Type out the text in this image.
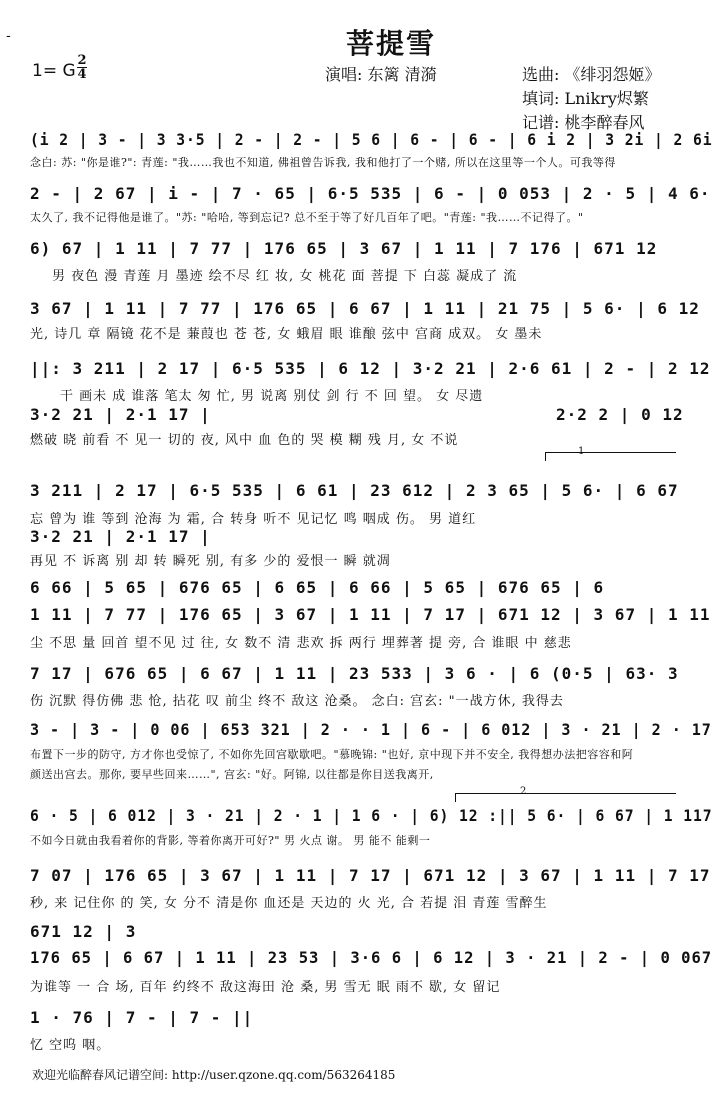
-	菩提雪
1= G
2
4	演唱: 东篱 清漪	选曲: 《绯羽怨姬》
填词: Lnikry烬繁
记谱: 桃李醉春风
(i 2 | 3 - | 3 3·5 | 2 - | 2 - | 5 6 | 6 - | 6 - | 6 i 2 | 3 2i | 2 6i
念白: 苏: "你是谁?": 青莲: "我……我也不知道, 佛祖曾告诉我, 我和他打了一个赌, 所以在这里等一个人。可我等得
2 - | 2 67 | i - | 7 · 65 | 6·5 535 | 6 - | 0 053 | 2 · 5 | 4 6·
太久了, 我不记得他是谁了。"苏: "哈哈, 等到忘记? 总不至于等了好几百年了吧。"青莲: "我……不记得了。"
6) 67 | 1 11 | 7 77 | 176 65 | 3 67 | 1 11 | 7 176 | 671 12
男 夜色 漫 青莲 月 墨迹 绘不尽 红 妆, 女 桃花 面 菩提 下 白蕊 凝成了 流
3 67 | 1 11 | 7 77 | 176 65 | 6 67 | 1 11 | 21 75 | 5 6· | 6 12
光, 诗几 章 隔镜 花不是 蒹葭也 苍 苍, 女 蛾眉 眼 谁酿 弦中 宫商 成双。 女 墨未
||: 3 211 | 2 17 | 6·5 535 | 6 12 | 3·2 21 | 2·6 61 | 2 - | 2 12
干 画未 成 谁落 笔太 匆 忙, 男 说离 别仗 剑 行 不 回 望。 女 尽遗
3·2 21 | 2·1 17 |	2·2 2 | 0 12
燃破 晓 前看 不 见一 切的 夜, 风中 血 色的 哭 模 糊 残 月, 女 不说
1
3 211 | 2 17 | 6·5 535 | 6 61 | 23 612 | 2 3 65 | 5 6· | 6 67
忘 曾为 谁 等到 沧海 为 霜, 合 转身 听不 见记忆 鸣 咽成 伤。 男 道红
3·2 21 | 2·1 17 |
再见 不 诉离 别 却 转 瞬死 别, 有多 少的 爱恨一 瞬 就凋
6 66 | 5 65 | 676 65 | 6 65 | 6 66 | 5 65 | 676 65 | 6
1 11 | 7 77 | 176 65 | 3 67 | 1 11 | 7 17 | 671 12 | 3 67 | 1 11
尘 不思 量 回首 望不见 过 往, 女 数不 清 悲欢 拆 两行 埋葬著 提 旁, 合 谁眼 中 慈悲
7 17 | 676 65 | 6 67 | 1 11 | 23 533 | 3 6 · | 6 (0·5 | 63· 3
伤 沉默 得仿佛 悲 怆, 拈花 叹 前尘 终不 敌这 沧桑。 念白: 宫玄: "一战方休, 我得去
3 - | 3 - | 0 06 | 653 321 | 2 · · 1 | 6 - | 6 012 | 3 · 21 | 2 · 17
布置下一步的防守, 方才你也受惊了, 不如你先回宫歇歇吧。"慕晚锦: "也好, 京中现下并不安全, 我得想办法把容容和阿
颜送出宫去。那你, 要早些回来……", 宫玄: "好。阿锦, 以往都是你目送我离开,
2
6 · 5 | 6 012 | 3 · 21 | 2 · 1 | 1 6 · | 6) 12 :|| 5 6· | 6 67 | 1 117
不如今日就由我看着你的背影, 等着你离开可好?" 男 火点 谢。 男 能不 能剩一
7 07 | 176 65 | 3 67 | 1 11 | 7 17 | 671 12 | 3 67 | 1 11 | 7 17
秒, 来 记住你 的 笑, 女 分不 清是你 血还是 天边的 火 光, 合 若提 泪 青莲 雪醉生
671 12 | 3
176 65 | 6 67 | 1 11 | 23 53 | 3·6 6 | 6 12 | 3 · 21 | 2 - | 0 067
为谁等 一 合 场, 百年 约终不 敌这海田 沧 桑, 男 雪无 眠 雨不 歇, 女 留记
1 · 76 | 7 - | 7 - ||
忆 空呜 咽。
欢迎光临醉春风记谱空间: http://user.qzone.qq.com/563264185
